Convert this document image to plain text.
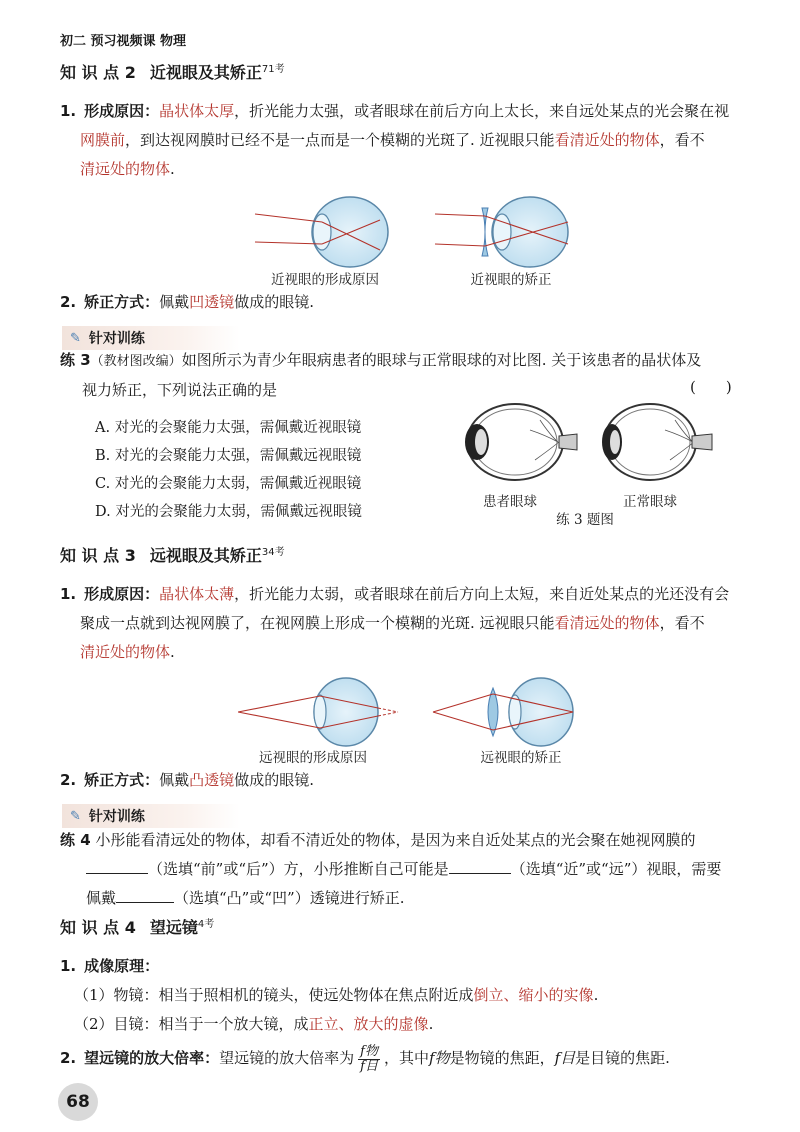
初二 预习视频课 物理
知 识 点 2 近视眼及其矫正$^{71考}$
1. 形成原因：晶状体太厚，折光能力太强，或者眼球在前后方向上太长，来自远处某点的光会聚在视
网膜前，到达视网膜时已经不是一点而是一个模糊的光斑了. 近视眼只能看清近处的物体，看不
清远处的物体.
近视眼的形成原因	近视眼的矫正
2. 矫正方式：佩戴凹透镜做成的眼镜.
✎ 针对训练
练 3（教材图改编）如图所示为青少年眼病患者的眼球与正常眼球的对比图. 关于该患者的晶状体及
视力矫正，下列说法正确的是	(　　)
A. 对光的会聚能力太强，需佩戴近视眼镜
B. 对光的会聚能力太强，需佩戴远视眼镜
C. 对光的会聚能力太弱，需佩戴近视眼镜
D. 对光的会聚能力太弱，需佩戴远视眼镜
患者眼球	正常眼球
练 3 题图
知 识 点 3 远视眼及其矫正$^{34考}$
1. 形成原因：晶状体太薄，折光能力太弱，或者眼球在前后方向上太短，来自近处某点的光还没有会
聚成一点就到达视网膜了，在视网膜上形成一个模糊的光斑. 远视眼只能看清远处的物体，看不
清近处的物体.
远视眼的形成原因	远视眼的矫正
2. 矫正方式：佩戴凸透镜做成的眼镜.
✎ 针对训练
练 4 小彤能看清远处的物体，却看不清近处的物体，是因为来自近处某点的光会聚在她视网膜的
（选填“前”或“后”）方，小彤推断自己可能是	（选填“近”或“远”）视眼，需要
佩戴	（选填“凸”或“凹”）透镜进行矫正.
知 识 点 4 望远镜$^{4考}$
1. 成像原理：
（1）物镜：相当于照相机的镜头，使远处物体在焦点附近成倒立、缩小的实像.
（2）目镜：相当于一个放大镜，成正立、放大的虚像.
2. 望远镜的放大倍率：望远镜的放大倍率为 $\frac{\text{f物}}{\text{f目}}$ ，其中f物是物镜的焦距，f目是目镜的焦距.
68
